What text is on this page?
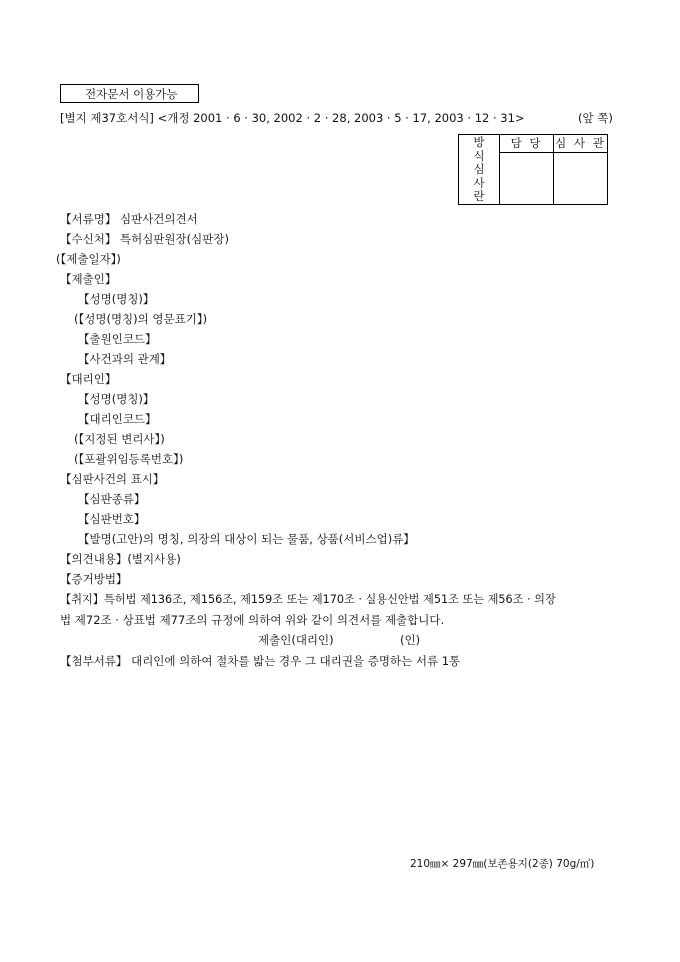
전자문서 이용가능
[별지 제37호서식] <개정 2001 · 6 · 30, 2002 · 2 · 28, 2003 · 5 · 17, 2003 · 12 · 31>	(앞 쪽)
방
식
심
사
란	담 당	심 사 관

【서류명】 심판사건의견서
【수신처】 특허심판원장(심판장)
(【제출일자】)
【제출인】
【성명(명칭)】
(【성명(명칭)의 영문표기】)
【출원인코드】
【사건과의 관계】
【대리인】
【성명(명칭)】
【대리인코드】
(【지정된 변리사】)
(【포괄위임등록번호】)
【심판사건의 표시】
【심판종류】
【심판번호】
【발명(고안)의 명칭, 의장의 대상이 되는 물품, 상품(서비스업)류】
【의견내용】(별지사용)
【증거방법】
【취지】특허법 제136조, 제156조, 제159조 또는 제170조 · 실용신안법 제51조 또는 제56조 · 의장
법 제72조 · 상표법 제77조의 규정에 의하여 위와 같이 의견서를 제출합니다.
제출인(대리인)	(인)
【첨부서류】 대리인에 의하여 절차를 밟는 경우 그 대리권을 증명하는 서류 1통
210㎜× 297㎜(보존용지(2종) 70g/㎡)
